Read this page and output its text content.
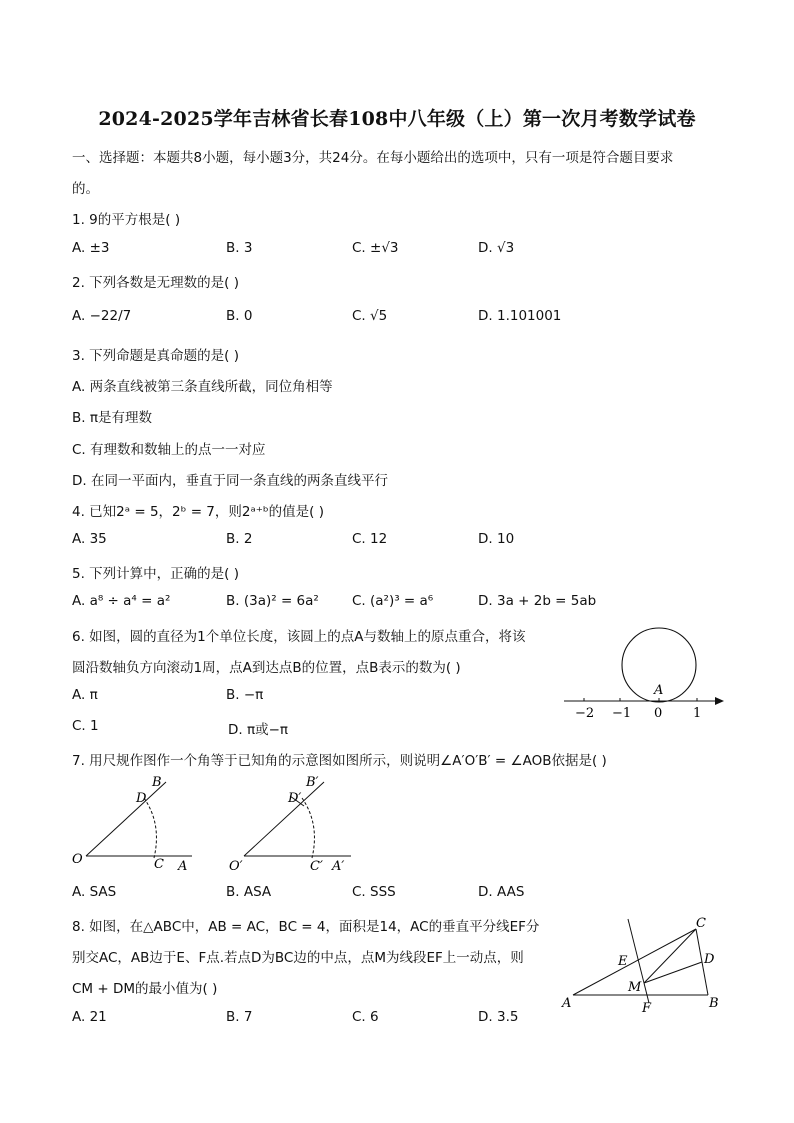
2024-2025学年吉林省长春108中八年级（上）第一次月考数学试卷
一、选择题：本题共8小题，每小题3分，共24分。在每小题给出的选项中，只有一项是符合题目要求
的。
1. 9的平方根是( )
A. ±3	B. 3	C. ±√3	D. √3
2. 下列各数是无理数的是( )
A. −22/7	B. 0	C. √5	D. 1.101001
3. 下列命题是真命题的是( )
A. 两条直线被第三条直线所截，同位角相等
B. π是有理数
C. 有理数和数轴上的点一一对应
D. 在同一平面内，垂直于同一条直线的两条直线平行
4. 已知2ᵃ = 5，2ᵇ = 7，则2ᵃ⁺ᵇ的值是( )
A. 35	B. 2	C. 12	D. 10
5. 下列计算中，正确的是( )
A. a⁸ ÷ a⁴ = a²	B. (3a)² = 6a² C. (a²)³ = a⁶	D. 3a + 2b = 5ab
6. 如图，圆的直径为1个单位长度，该圆上的点A与数轴上的原点重合，将该
圆沿数轴负方向滚动1周，点A到达点B的位置，点B表示的数为( )
A. π	B. −π
C. 1	D. π或−π
A
−2 −1 0 1
7. 用尺规作图作一个角等于已知角的示意图如图所示，则说明∠A′O′B′ = ∠AOB依据是( )
O	C A
D
B
O′	C′ A′
D′
B′
A. SAS	B. ASA	C. SSS	D. AAS
8. 如图，在△ABC中，AB = AC，BC = 4，面积是14，AC的垂直平分线EF分
别交AC，AB边于E、F点.若点D为BC边的中点，点M为线段EF上一动点，则
CM + DM的最小值为( )
A. 21	B. 7	C. 6	D. 3.5
A	B
C
D
E
F
M
